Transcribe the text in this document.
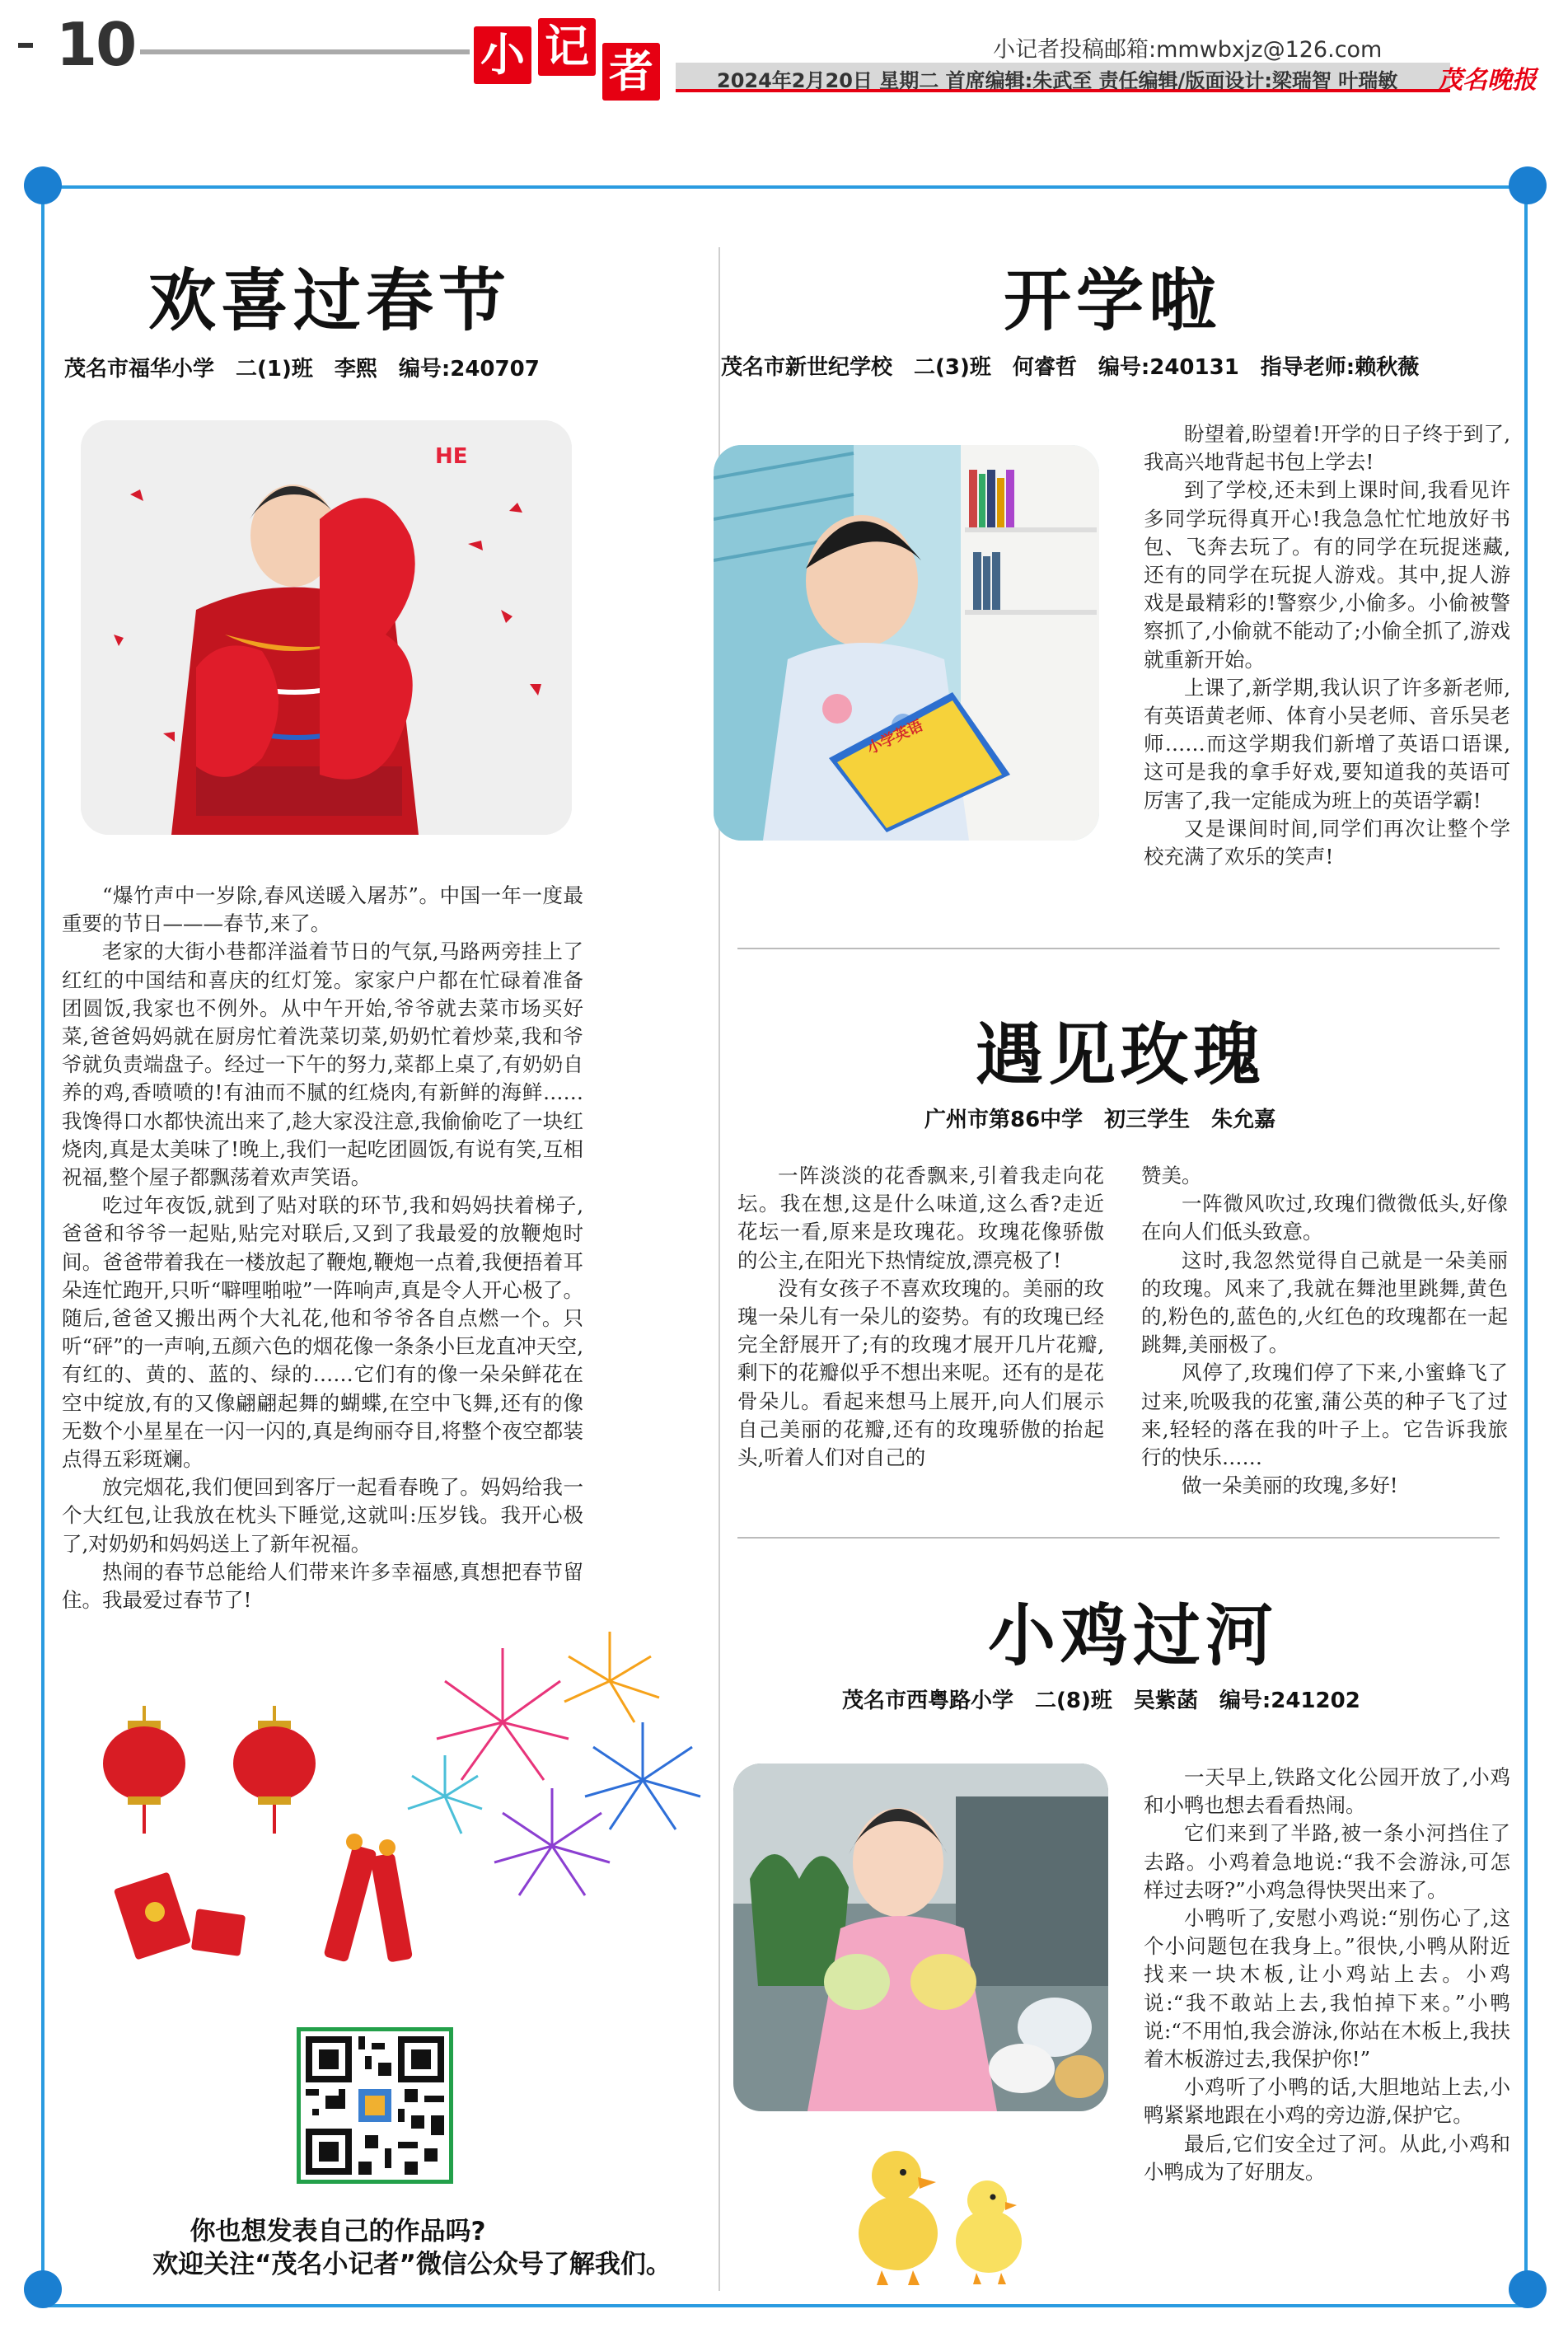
10	小 记 者	小记者投稿邮箱:mmwbxjz@126.com
2024年2月20日 星期二 首席编辑:朱武至 责任编辑/版面设计:梁瑞智 叶瑞敏 茂名晚报
欢喜过春节
茂名市福华小学　二(1)班　李熙　编号:240707
HE

“爆竹声中一岁除,春风送暖入屠苏”。中国一年一度最重要的节日———春节,来了。

老家的大街小巷都洋溢着节日的气氛,马路两旁挂上了红红的中国结和喜庆的红灯笼。家家户户都在忙碌着准备团圆饭,我家也不例外。从中午开始,爷爷就去菜市场买好菜,爸爸妈妈就在厨房忙着洗菜切菜,奶奶忙着炒菜,我和爷爷就负责端盘子。经过一下午的努力,菜都上桌了,有奶奶自养的鸡,香喷喷的!有油而不腻的红烧肉,有新鲜的海鲜……我馋得口水都快流出来了,趁大家没注意,我偷偷吃了一块红烧肉,真是太美味了!晚上,我们一起吃团圆饭,有说有笑,互相祝福,整个屋子都飘荡着欢声笑语。

吃过年夜饭,就到了贴对联的环节,我和妈妈扶着梯子,爸爸和爷爷一起贴,贴完对联后,又到了我最爱的放鞭炮时间。爸爸带着我在一楼放起了鞭炮,鞭炮一点着,我便捂着耳朵连忙跑开,只听“噼哩啪啦”一阵响声,真是令人开心极了。随后,爸爸又搬出两个大礼花,他和爷爷各自点燃一个。只听“砰”的一声响,五颜六色的烟花像一条条小巨龙直冲天空,有红的、黄的、蓝的、绿的……它们有的像一朵朵鲜花在空中绽放,有的又像翩翩起舞的蝴蝶,在空中飞舞,还有的像无数个小星星在一闪一闪的,真是绚丽夺目,将整个夜空都装点得五彩斑斓。

放完烟花,我们便回到客厅一起看春晚了。妈妈给我一个大红包,让我放在枕头下睡觉,这就叫:压岁钱。我开心极了,对奶奶和妈妈送上了新年祝福。

热闹的春节总能给人们带来许多幸福感,真想把春节留住。我最爱过春节了!

你也想发表自己的作品吗?
欢迎关注“茂名小记者”微信公众号了解我们。
开学啦
茂名市新世纪学校　二(3)班　何睿哲　编号:240131　指导老师:赖秋薇
小学英语

盼望着,盼望着!开学的日子终于到了,我高兴地背起书包上学去!

到了学校,还未到上课时间,我看见许多同学玩得真开心!我急急忙忙地放好书包、飞奔去玩了。有的同学在玩捉迷藏,还有的同学在玩捉人游戏。其中,捉人游戏是最精彩的!警察少,小偷多。小偷被警察抓了,小偷就不能动了;小偷全抓了,游戏就重新开始。

上课了,新学期,我认识了许多新老师,有英语黄老师、体育小吴老师、音乐吴老师……而这学期我们新增了英语口语课,这可是我的拿手好戏,要知道我的英语可厉害了,我一定能成为班上的英语学霸!

又是课间时间,同学们再次让整个学校充满了欢乐的笑声!

遇见玫瑰
广州市第86中学　初三学生　朱允嘉

一阵淡淡的花香飘来,引着我走向花坛。我在想,这是什么味道,这么香?走近花坛一看,原来是玫瑰花。玫瑰花像骄傲的公主,在阳光下热情绽放,漂亮极了!

没有女孩子不喜欢玫瑰的。美丽的玫瑰一朵儿有一朵儿的姿势。有的玫瑰已经完全舒展开了;有的玫瑰才展开几片花瓣,剩下的花瓣似乎不想出来呢。还有的是花骨朵儿。看起来想马上展开,向人们展示自己美丽的花瓣,还有的玫瑰骄傲的抬起头,听着人们对自己的

赞美。

一阵微风吹过,玫瑰们微微低头,好像在向人们低头致意。

这时,我忽然觉得自己就是一朵美丽的玫瑰。风来了,我就在舞池里跳舞,黄色的,粉色的,蓝色的,火红色的玫瑰都在一起跳舞,美丽极了。

风停了,玫瑰们停了下来,小蜜蜂飞了过来,吮吸我的花蜜,蒲公英的种子飞了过来,轻轻的落在我的叶子上。它告诉我旅行的快乐……

做一朵美丽的玫瑰,多好!

小鸡过河
茂名市西粤路小学　二(8)班　吴紫菡　编号:241202

一天早上,铁路文化公园开放了,小鸡和小鸭也想去看看热闹。

它们来到了半路,被一条小河挡住了去路。小鸡着急地说:“我不会游泳,可怎样过去呀?”小鸡急得快哭出来了。

小鸭听了,安慰小鸡说:“别伤心了,这个小问题包在我身上。”很快,小鸭从附近找来一块木板,让小鸡站上去。小鸡说:“我不敢站上去,我怕掉下来。”小鸭说:“不用怕,我会游泳,你站在木板上,我扶着木板游过去,我保护你!”

小鸡听了小鸭的话,大胆地站上去,小鸭紧紧地跟在小鸡的旁边游,保护它。

最后,它们安全过了河。从此,小鸡和小鸭成为了好朋友。
